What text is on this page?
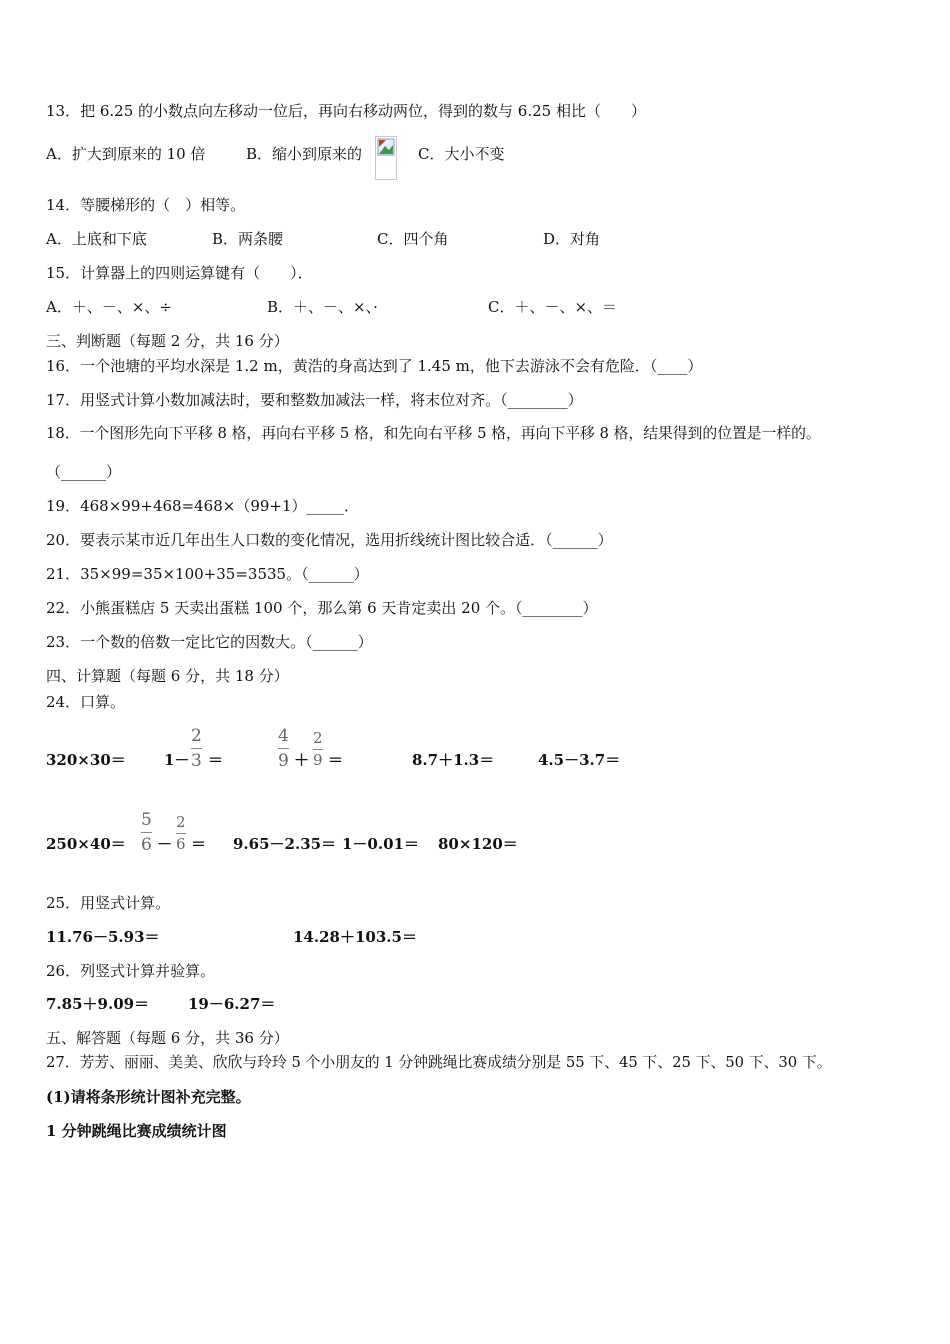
13．把 6.25 的小数点向左移动一位后，再向右移动两位，得到的数与 6.25 相比（　　）
A．扩大到原来的 10 倍	B．缩小到原来的	C．大小不变
14．等腰梯形的（　）相等。
A．上底和下底	B．两条腰	C．四个角	D．对角
15．计算器上的四则运算键有（　　）．
A．＋、－、×、÷	B．＋、－、×、·	C．＋、－、×、＝
三、判断题（每题 2 分，共 16 分）
16．一个池塘的平均水深是 1.2 m，黄浩的身高达到了 1.45 m，他下去游泳不会有危险．（____）
17．用竖式计算小数加减法时，要和整数加减法一样，将末位对齐。（________）
18．一个图形先向下平移 8 格，再向右平移 5 格，和先向右平移 5 格，再向下平移 8 格，结果得到的位置是一样的。
（______）
19．468×99+468=468×（99+1）_____．
20．要表示某市近几年出生人口数的变化情况，选用折线统计图比较合适．（______）
21．35×99=35×100+35=3535。（______）
22．小熊蛋糕店 5 天卖出蛋糕 100 个，那么第 6 天肯定卖出 20 个。（________）
23．一个数的倍数一定比它的因数大。（______）
四、计算题（每题 6 分，共 18 分）
24．口算。
320×30＝	1－
2
3 ＝
4
9 ＋
2
9 ＝	8.7＋1.3＝	4.5－3.7＝
250×40＝
5
6 －
2
6 ＝ 9.65－2.35＝ 1－0.01＝ 80×120＝
25．用竖式计算。
11.76－5.93＝	14.28＋103.5＝
26．列竖式计算并验算。
7.85＋9.09＝	19－6.27＝
五、解答题（每题 6 分，共 36 分）
27．芳芳、丽丽、美美、欣欣与玲玲 5 个小朋友的 1 分钟跳绳比赛成绩分别是 55 下、45 下、25 下、50 下、30 下。
(1)请将条形统计图补充完整。
1 分钟跳绳比赛成绩统计图
